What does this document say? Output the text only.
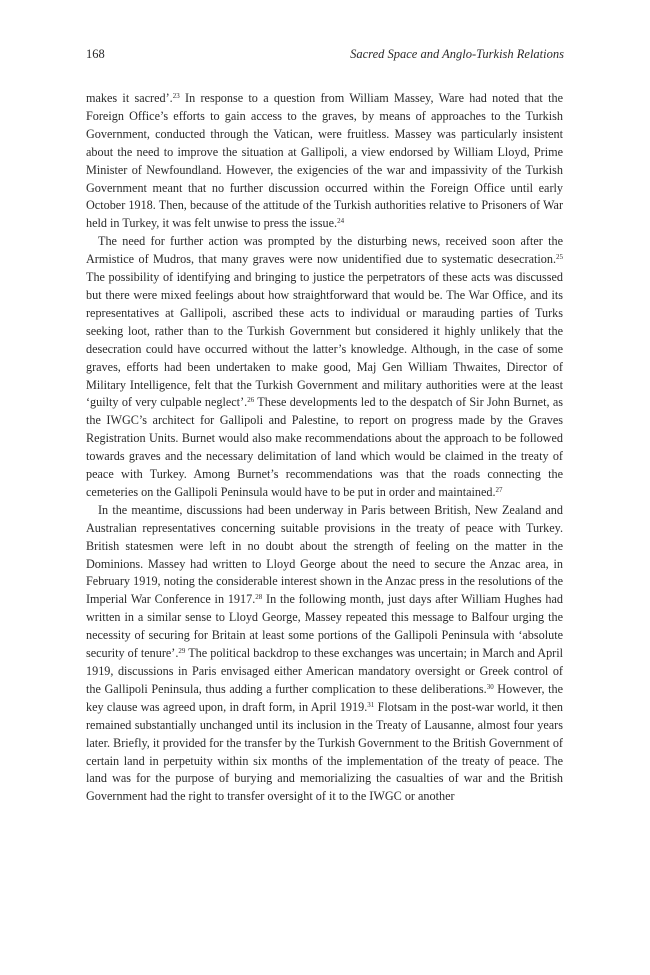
168	Sacred Space and Anglo-Turkish Relations

makes it sacred’.$^{23}$ In response to a question from William Massey, Ware had noted that the Foreign Office’s efforts to gain access to the graves, by means of approaches to the Turkish Government, conducted through the Vatican, were fruitless. Massey was particularly insistent about the need to improve the situation at Gallipoli, a view endorsed by William Lloyd, Prime Minister of Newfoundland. However, the exigencies of the war and impassivity of the Turkish Government meant that no further discussion occurred within the Foreign Office until early October 1918. Then, because of the attitude of the Turkish authorities relative to Prisoners of War held in Turkey, it was felt unwise to press the issue.$^{24}$

The need for further action was prompted by the disturbing news, received soon after the Armistice of Mudros, that many graves were now unidentified due to systematic desecration.$^{25}$ The possibility of identifying and bringing to justice the perpetrators of these acts was discussed but there were mixed feelings about how straightforward that would be. The War Office, and its representatives at Gallipoli, ascribed these acts to individual or marauding parties of Turks seeking loot, rather than to the Turkish Government but considered it highly unlikely that the desecration could have occurred without the latter’s knowledge. Although, in the case of some graves, efforts had been undertaken to make good, Maj Gen William Thwaites, Director of Military Intelligence, felt that the Turkish Government and military authorities were at the least ‘guilty of very culpable neglect’.$^{26}$ These developments led to the despatch of Sir John Burnet, as the IWGC’s architect for Gallipoli and Palestine, to report on progress made by the Graves Registration Units. Burnet would also make recommendations about the approach to be followed towards graves and the necessary delimitation of land which would be claimed in the treaty of peace with Turkey. Among Burnet’s recommendations was that the roads connecting the cemeteries on the Gallipoli Peninsula would have to be put in order and maintained.$^{27}$

In the meantime, discussions had been underway in Paris between British, New Zealand and Australian representatives concerning suitable provisions in the treaty of peace with Turkey. British statesmen were left in no doubt about the strength of feeling on the matter in the Dominions. Massey had written to Lloyd George about the need to secure the Anzac area, in February 1919, noting the considerable interest shown in the Anzac press in the resolutions of the Imperial War Conference in 1917.28 In the following month, just days after William Hughes had written in a similar sense to Lloyd George, Massey repeated this message to Balfour urging the necessity of securing for Britain at least some portions of the Gallipoli Peninsula with ‘absolute security of tenure’.$^{29}$ The political backdrop to these exchanges was uncertain; in March and April 1919, discussions in Paris envisaged either American mandatory oversight or Greek control of the Gallipoli Peninsula, thus adding a further complication to these deliberations.$^{30}$ However, the key clause was agreed upon, in draft form, in April 1919.31 Flotsam in the post-war world, it then remained substantially unchanged until its inclusion in the Treaty of Lausanne, almost four years later. Briefly, it provided for the transfer by the Turkish Government to the British Government of certain land in perpetuity within six months of the implementation of the treaty of peace. The land was for the purpose of burying and memorializing the casualties of war and the British Government had the right to transfer oversight of it to the IWGC or another
